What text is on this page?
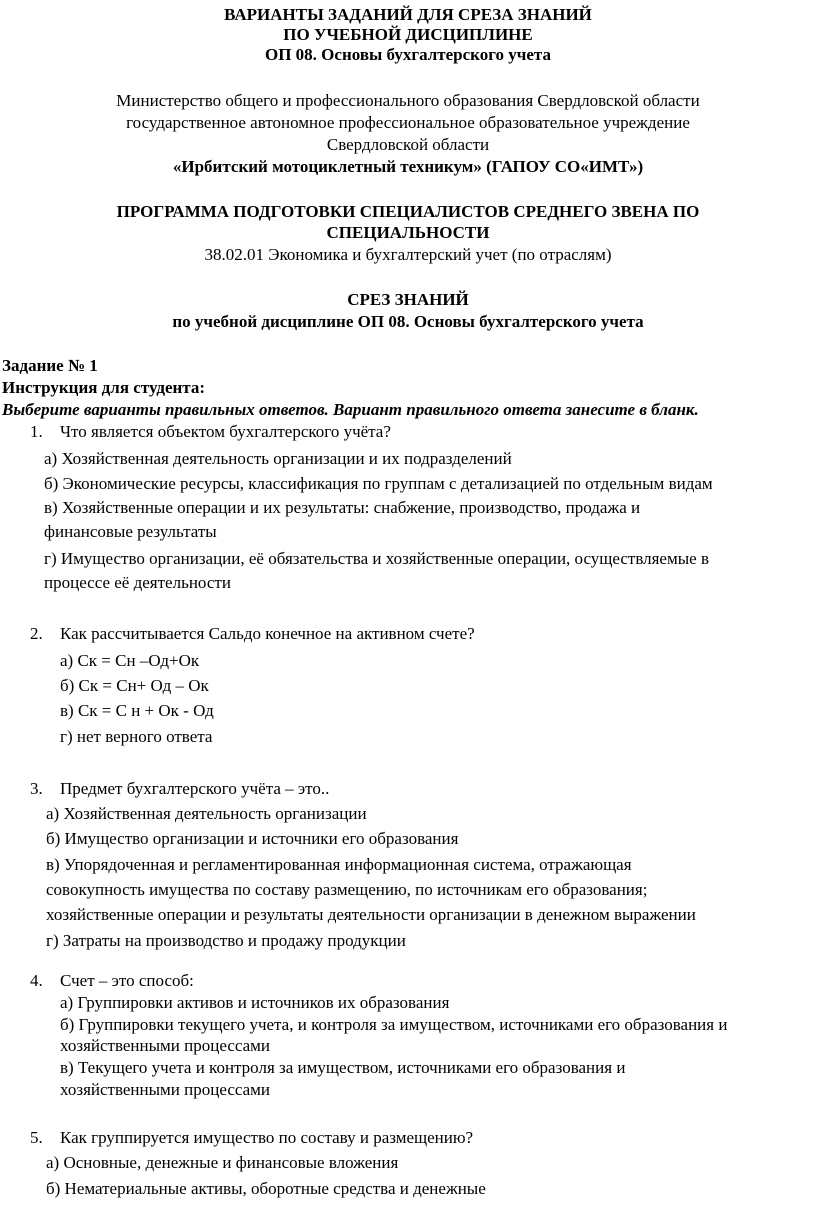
ВАРИАНТЫ ЗАДАНИЙ ДЛЯ СРЕЗА ЗНАНИЙ
ПО УЧЕБНОЙ ДИСЦИПЛИНЕ
ОП 08. Основы бухгалтерского учета
Министерство общего и профессионального образования Свердловской области
государственное автономное профессиональное образовательное учреждение
Свердловской области
«Ирбитский мотоциклетный техникум» (ГАПОУ СО«ИМТ»)
ПРОГРАММА ПОДГОТОВКИ СПЕЦИАЛИСТОВ СРЕДНЕГО ЗВЕНА ПО
СПЕЦИАЛЬНОСТИ
38.02.01 Экономика и бухгалтерский учет (по отраслям)
СРЕЗ ЗНАНИЙ
по учебной дисциплине ОП 08. Основы бухгалтерского учета
Задание № 1
Инструкция для студента:
Выберите варианты правильных ответов. Вариант правильного ответа занесите в бланк.
1. Что является объектом бухгалтерского учёта?
а) Хозяйственная деятельность организации и их подразделений
б) Экономические ресурсы, классификация по группам с детализацией по отдельным видам
в) Хозяйственные операции и их результаты: снабжение, производство, продажа и
финансовые результаты
г) Имущество организации, её обязательства и хозяйственные операции, осуществляемые в
процессе её деятельности
2. Как рассчитывается Сальдо конечное на активном счете?
а) Ск = Сн –Од+Ок
б) Ск = Сн+ Од – Ок
в) Ск = С н + Ок - Од
г) нет верного ответа
3. Предмет бухгалтерского учёта – это..
а) Хозяйственная деятельность организации
б) Имущество организации и источники его образования
в) Упорядоченная и регламентированная информационная система, отражающая
совокупность имущества по составу размещению, по источникам его образования;
хозяйственные операции и результаты деятельности организации в денежном выражении
г) Затраты на производство и продажу продукции
4. Счет – это способ:
а) Группировки активов и источников их образования
б) Группировки текущего учета, и контроля за имуществом, источниками его образования и
хозяйственными процессами
в) Текущего учета и контроля за имуществом, источниками его образования и
хозяйственными процессами
5. Как группируется имущество по составу и размещению?
а) Основные, денежные и финансовые вложения
б) Нематериальные активы, оборотные средства и денежные
